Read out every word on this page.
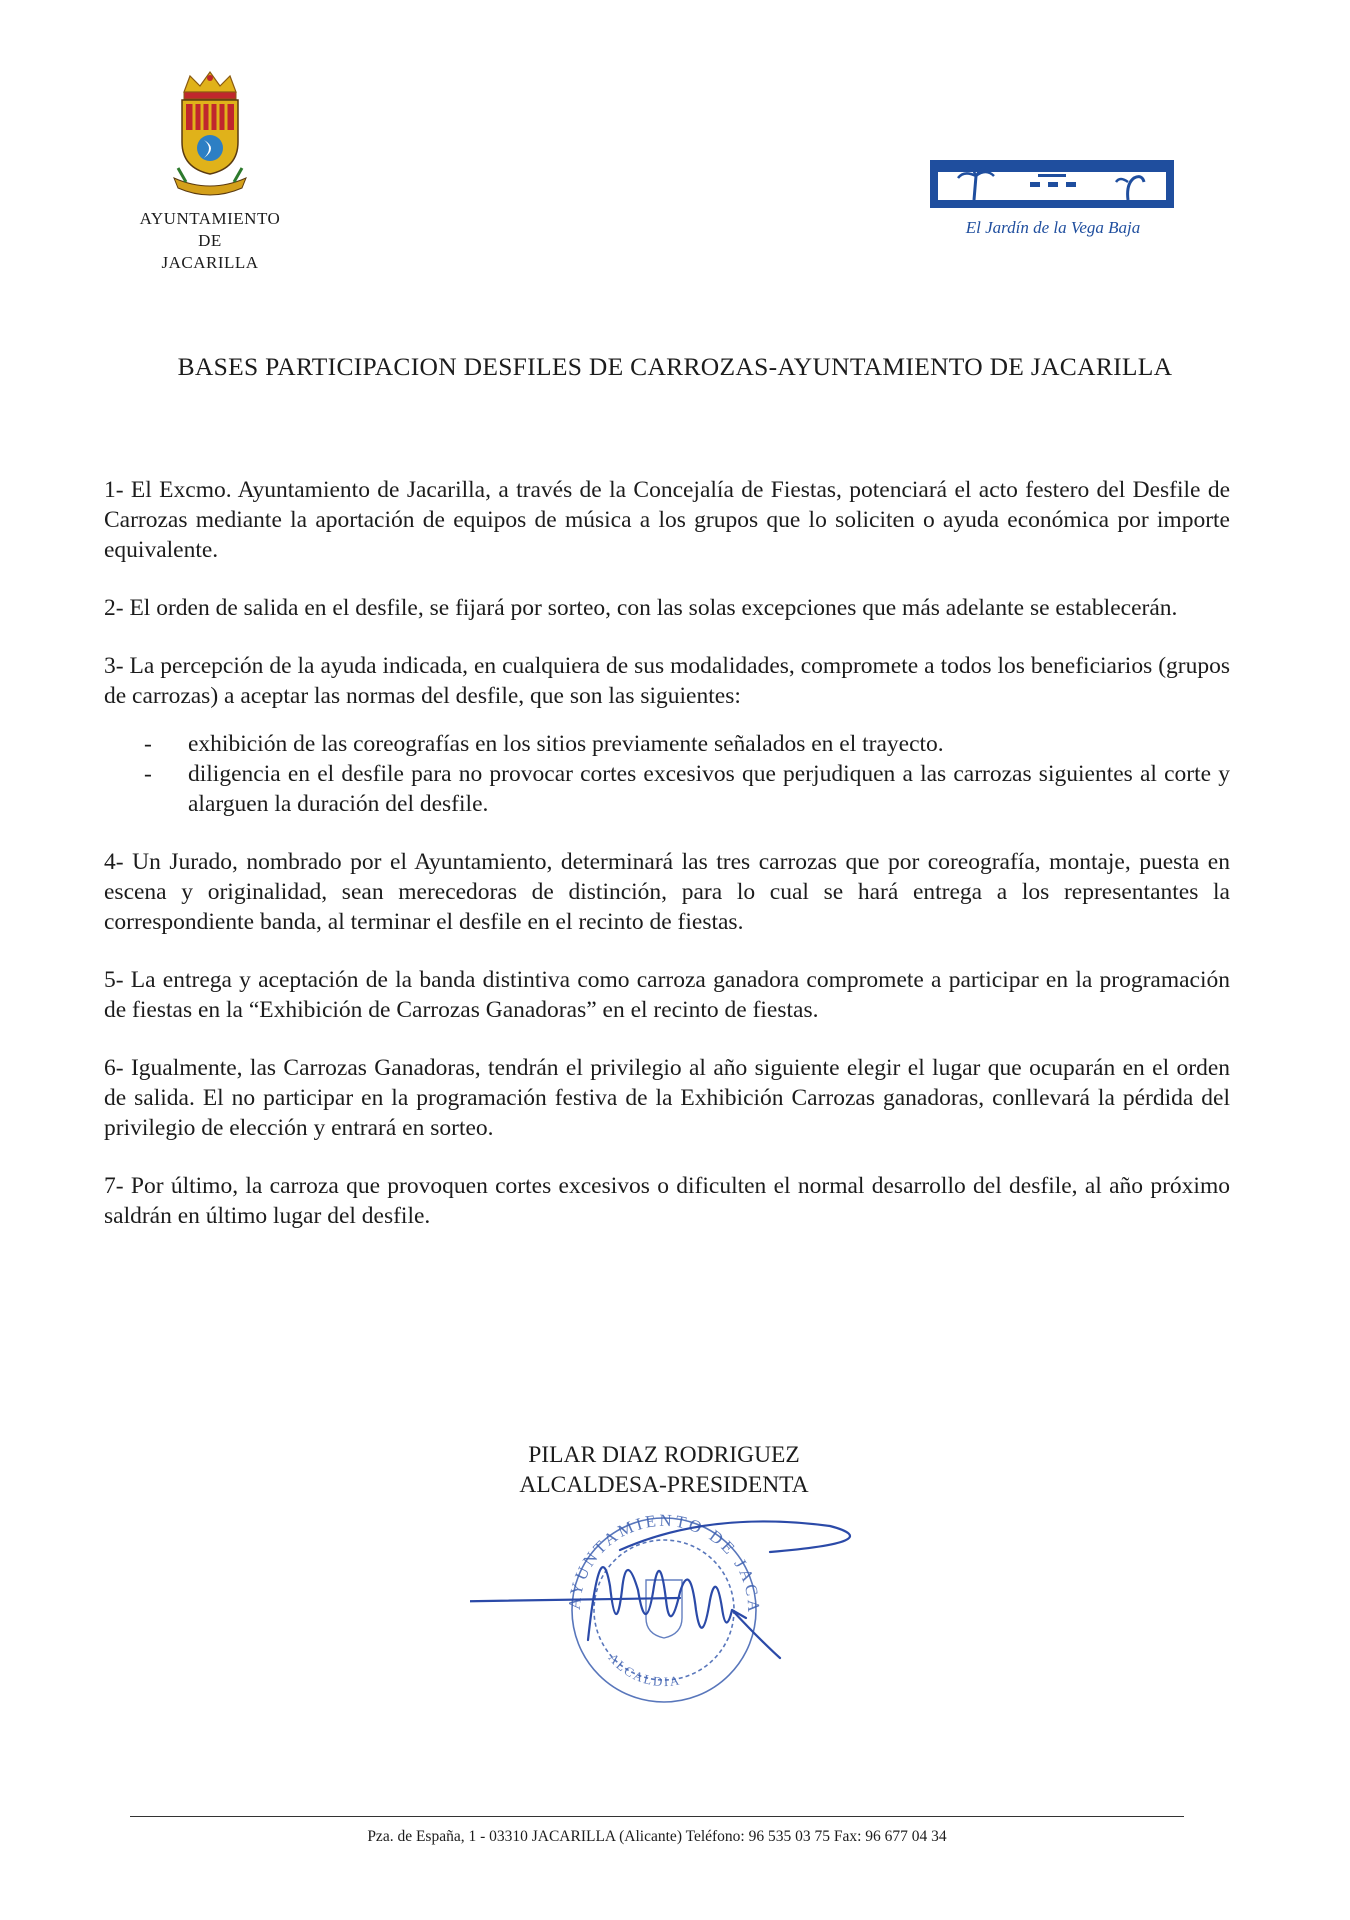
AYUNTAMIENTO
DE
JACARILLA
El Jardín de la Vega Baja
BASES PARTICIPACION DESFILES DE CARROZAS-AYUNTAMIENTO DE JACARILLA

1- El Excmo. Ayuntamiento de Jacarilla, a través de la Concejalía de Fiestas, potenciará el acto festero del Desfile de Carrozas mediante la aportación de equipos de música a los grupos que lo soliciten o ayuda económica por importe equivalente.

2- El orden de salida en el desfile, se fijará por sorteo, con las solas excepciones que más adelante se establecerán.

3- La percepción de la ayuda indicada, en cualquiera de sus modalidades, compromete a todos los beneficiarios (grupos de carrozas) a aceptar las normas del desfile, que son las siguientes:

- exhibición de las coreografías en los sitios previamente señalados en el trayecto.
- diligencia en el desfile para no provocar cortes excesivos que perjudiquen a las carrozas siguientes al corte y alarguen la duración del desfile.

4- Un Jurado, nombrado por el Ayuntamiento, determinará las tres carrozas que por coreografía, montaje, puesta en escena y originalidad, sean merecedoras de distinción, para lo cual se hará entrega a los representantes la correspondiente banda, al terminar el desfile en el recinto de fiestas.

5- La entrega y aceptación de la banda distintiva como carroza ganadora compromete a participar en la programación de fiestas en la “Exhibición de Carrozas Ganadoras” en el recinto de fiestas.

6- Igualmente, las Carrozas Ganadoras, tendrán el privilegio al año siguiente elegir el lugar que ocuparán en el orden de salida. El no participar en la programación festiva de la Exhibición Carrozas ganadoras, conllevará la pérdida del privilegio de elección y entrará en sorteo.

7- Por último, la carroza que provoquen cortes excesivos o dificulten el normal desarrollo del desfile, al año próximo saldrán en último lugar del desfile.

PILAR DIAZ RODRIGUEZ
ALCALDESA-PRESIDENTA
AYUNTAMIENTO DE JACA
ALCALDIA
Pza. de España, 1 - 03310 JACARILLA (Alicante) Teléfono: 96 535 03 75 Fax: 96 677 04 34
